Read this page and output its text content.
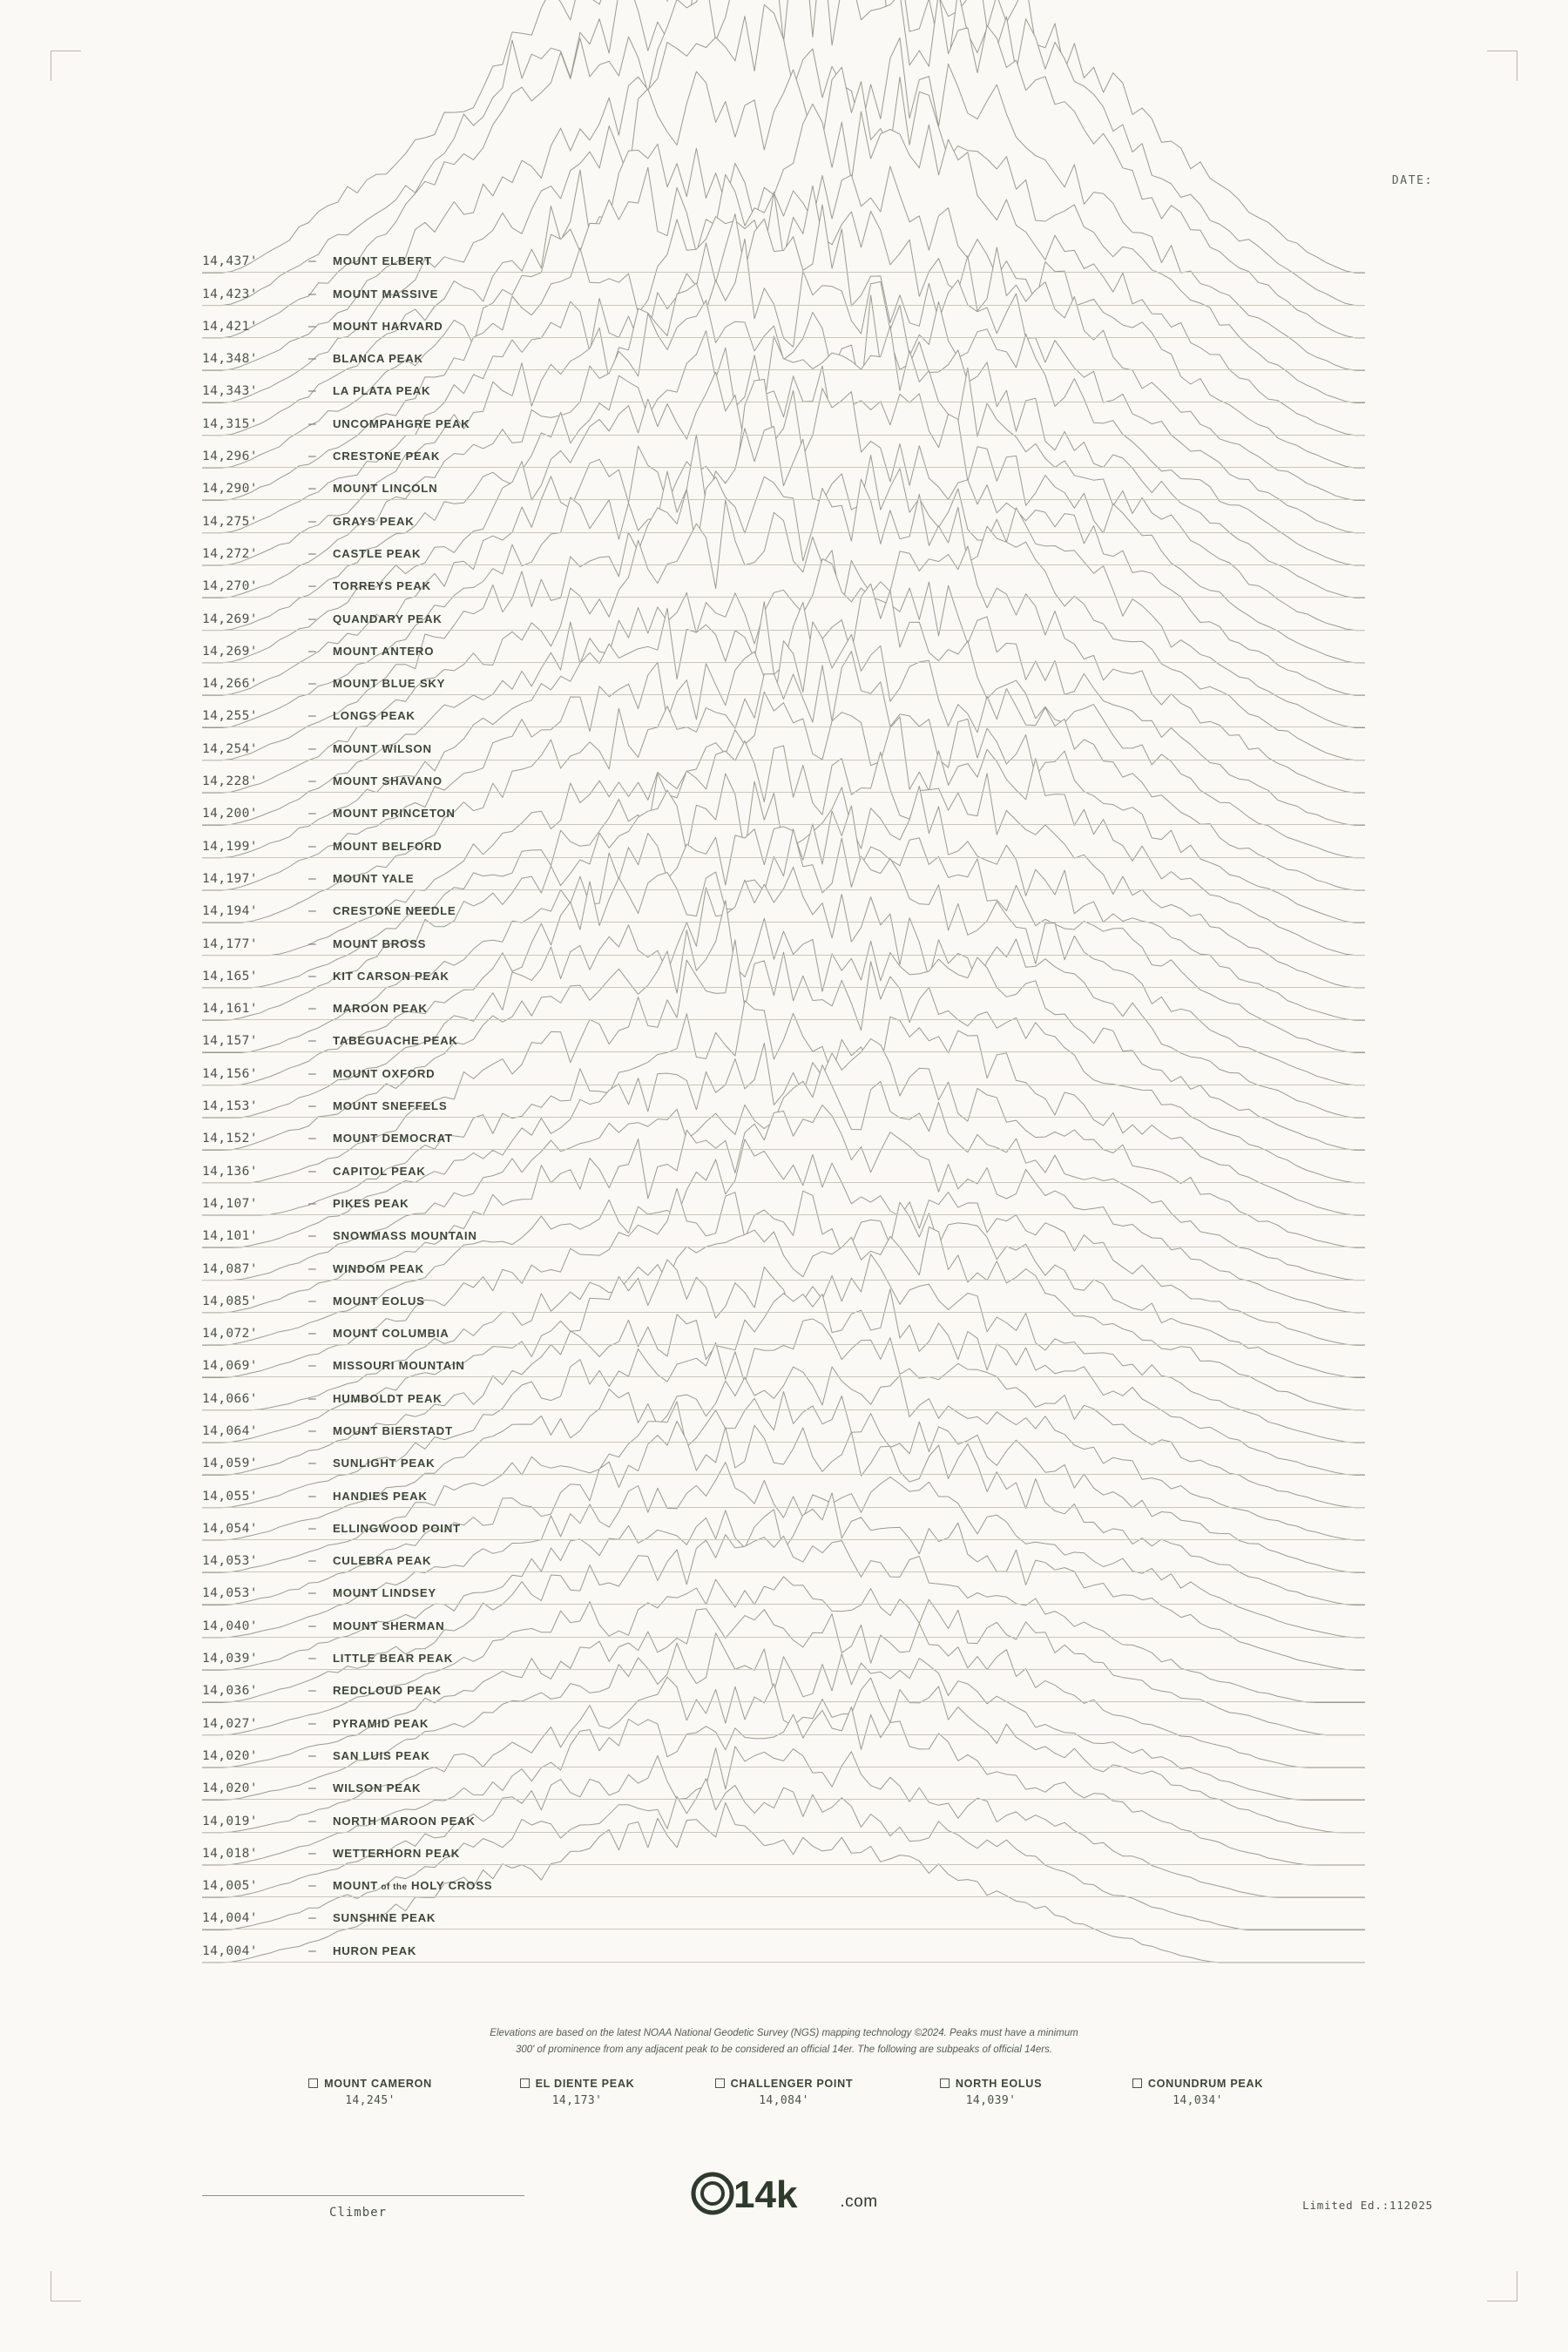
DATE:
14,437'	— MOUNT ELBERT
14,423'	— MOUNT MASSIVE
14,421'	— MOUNT HARVARD
14,348'	— BLANCA PEAK
14,343'	— LA PLATA PEAK
14,315'	— UNCOMPAHGRE PEAK
14,296'	— CRESTONE PEAK
14,290'	— MOUNT LINCOLN
14,275'	— GRAYS PEAK
14,272'	— CASTLE PEAK
14,270'	— TORREYS PEAK
14,269'	— QUANDARY PEAK
14,269'	— MOUNT ANTERO
14,266'	— MOUNT BLUE SKY
14,255'	— LONGS PEAK
14,254'	— MOUNT WILSON
14,228'	— MOUNT SHAVANO
14,200'	— MOUNT PRINCETON
14,199'	— MOUNT BELFORD
14,197'	— MOUNT YALE
14,194'	— CRESTONE NEEDLE
14,177'	— MOUNT BROSS
14,165'	— KIT CARSON PEAK
14,161'	— MAROON PEAK
14,157'	— TABEGUACHE PEAK
14,156'	— MOUNT OXFORD
14,153'	— MOUNT SNEFFELS
14,152'	— MOUNT DEMOCRAT
14,136'	— CAPITOL PEAK
14,107'	— PIKES PEAK
14,101'	— SNOWMASS MOUNTAIN
14,087'	— WINDOM PEAK
14,085'	— MOUNT EOLUS
14,072'	— MOUNT COLUMBIA
14,069'	— MISSOURI MOUNTAIN
14,066'	— HUMBOLDT PEAK
14,064'	— MOUNT BIERSTADT
14,059'	— SUNLIGHT PEAK
14,055'	— HANDIES PEAK
14,054'	— ELLINGWOOD POINT
14,053'	— CULEBRA PEAK
14,053'	— MOUNT LINDSEY
14,040'	— MOUNT SHERMAN
14,039'	— LITTLE BEAR PEAK
14,036'	— REDCLOUD PEAK
14,027'	— PYRAMID PEAK
14,020'	— SAN LUIS PEAK
14,020'	— WILSON PEAK
14,019'	— NORTH MAROON PEAK
14,018'	— WETTERHORN PEAK
14,005'	— MOUNT of the HOLY CROSS
14,004'	— SUNSHINE PEAK
14,004'	— HURON PEAK
Elevations are based on the latest NOAA National Geodetic Survey (NGS) mapping technology ©2024. Peaks must have a minimum
300' of prominence from any adjacent peak to be considered an official 14er. The following are subpeaks of official 14ers.
MOUNT CAMERON
14,245'
EL DIENTE PEAK
14,173'
CHALLENGER POINT
14,084'
NORTH EOLUS
14,039'
CONUNDRUM PEAK
14,034'
Climber	14k	.com	Limited Ed.:112025
